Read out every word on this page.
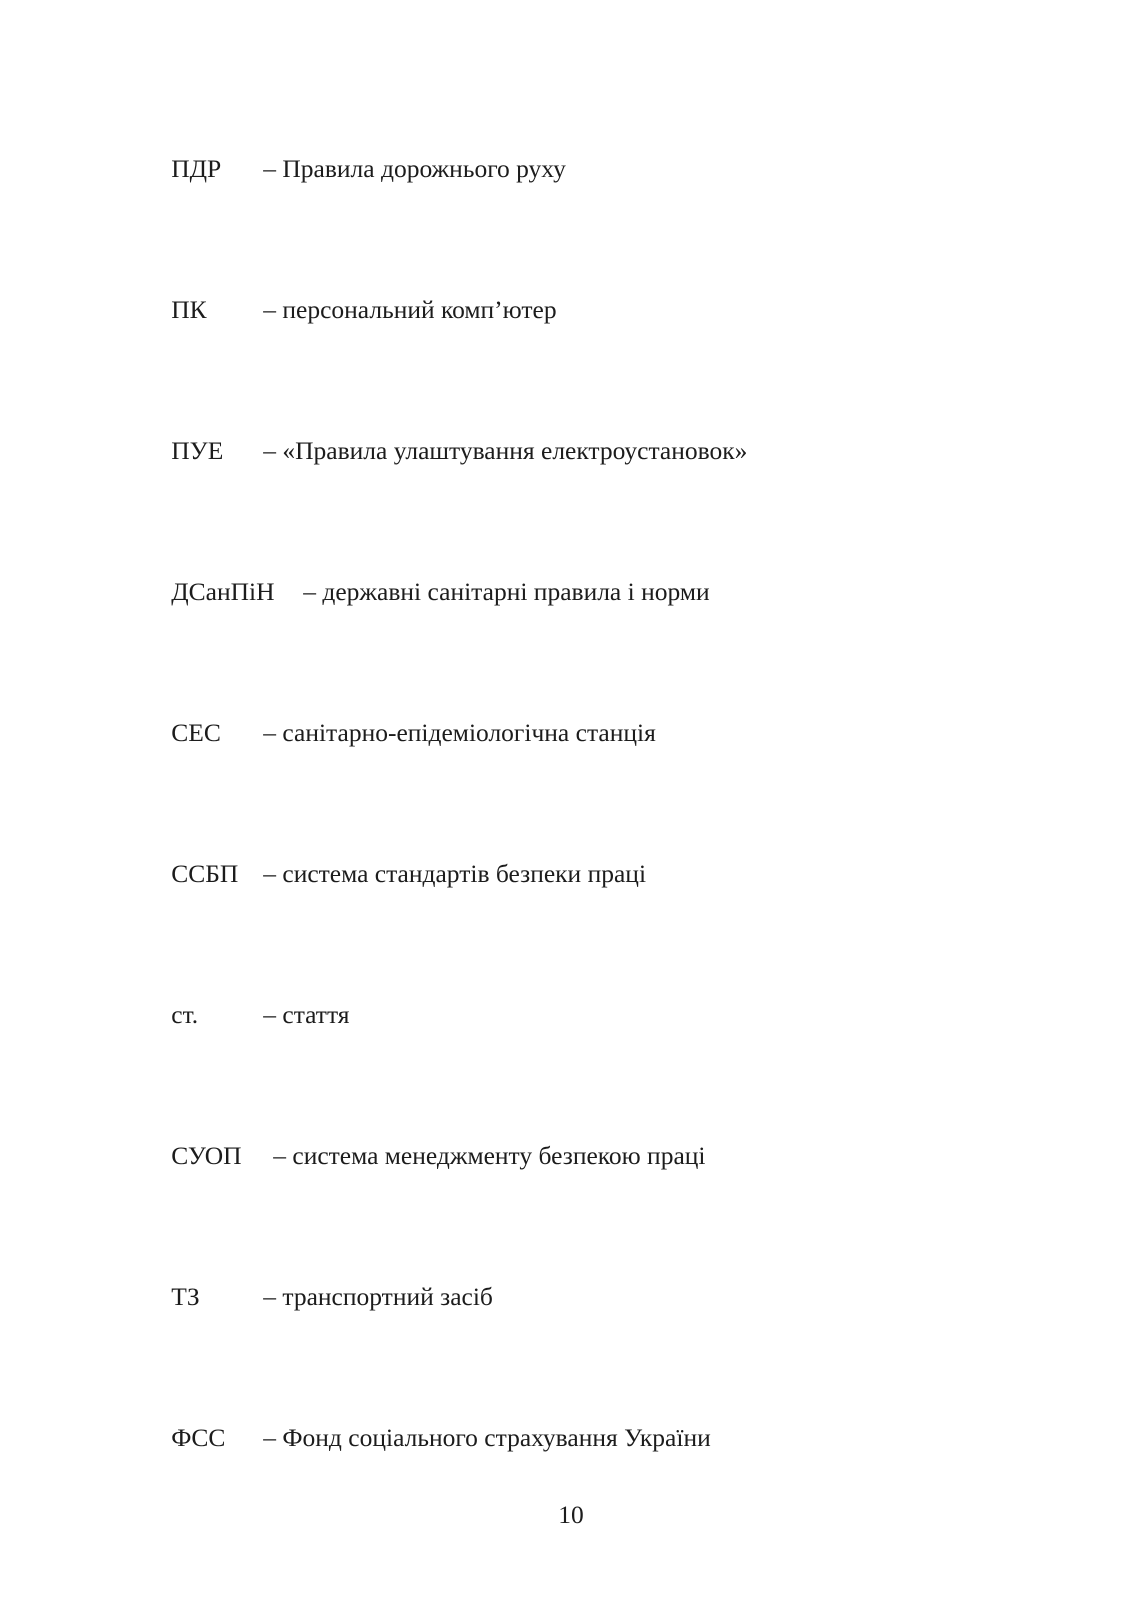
ПДР – Правила дорожнього руху

ПК – персональний комп’ютер

ПУЕ – «Правила улаштування електроустановок»

ДСанПіН – державні санітарні правила і норми

СЕС – санітарно-епідеміологічна станція

ССБП – система стандартів безпеки праці

ст.	– стаття

СУОП – система менеджменту безпекою праці

ТЗ – транспортний засіб

ФСС – Фонд соціального страхування України

10
